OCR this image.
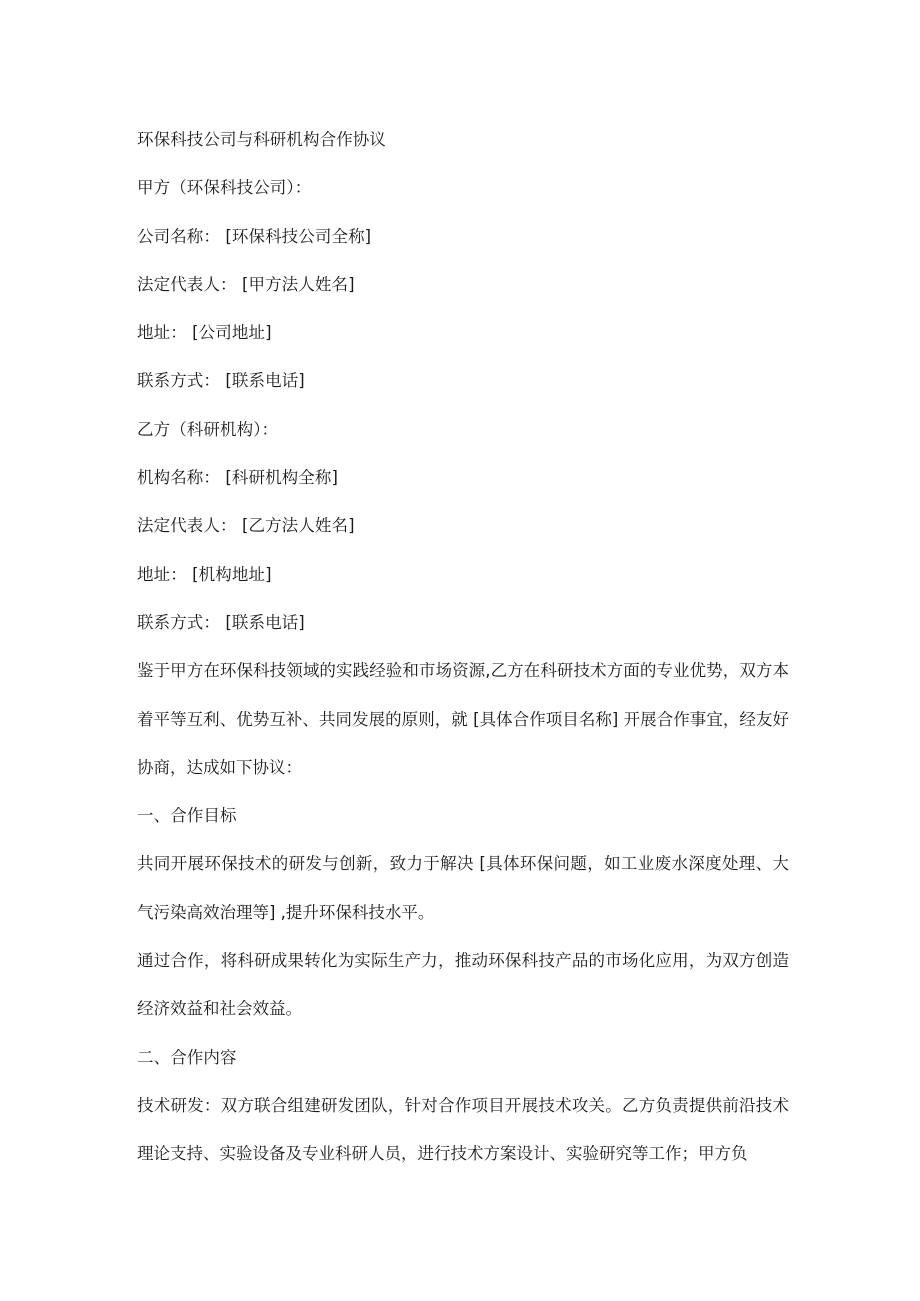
环保科技公司与科研机构合作协议
甲方（环保科技公司）：
公司名称： [环保科技公司全称]
法定代表人： [甲方法人姓名]
地址： [公司地址]
联系方式： [联系电话]
乙方（科研机构）：
机构名称： [科研机构全称]
法定代表人： [乙方法人姓名]
地址： [机构地址]
联系方式： [联系电话]
鉴于甲方在环保科技领域的实践经验和市场资源,乙方在科研技术方面的专业优势，双方本着平等互利、优势互补、共同发展的原则，就 [具体合作项目名称] 开展合作事宜，经友好协商，达成如下协议：
一、合作目标
共同开展环保技术的研发与创新，致力于解决 [具体环保问题，如工业废水深度处理、大气污染高效治理等] ,提升环保科技水平。
通过合作，将科研成果转化为实际生产力，推动环保科技产品的市场化应用，为双方创造经济效益和社会效益。
二、合作内容
技术研发：双方联合组建研发团队，针对合作项目开展技术攻关。乙方负责提供前沿技术理论支持、实验设备及专业科研人员，进行技术方案设计、实验研究等工作；甲方负
